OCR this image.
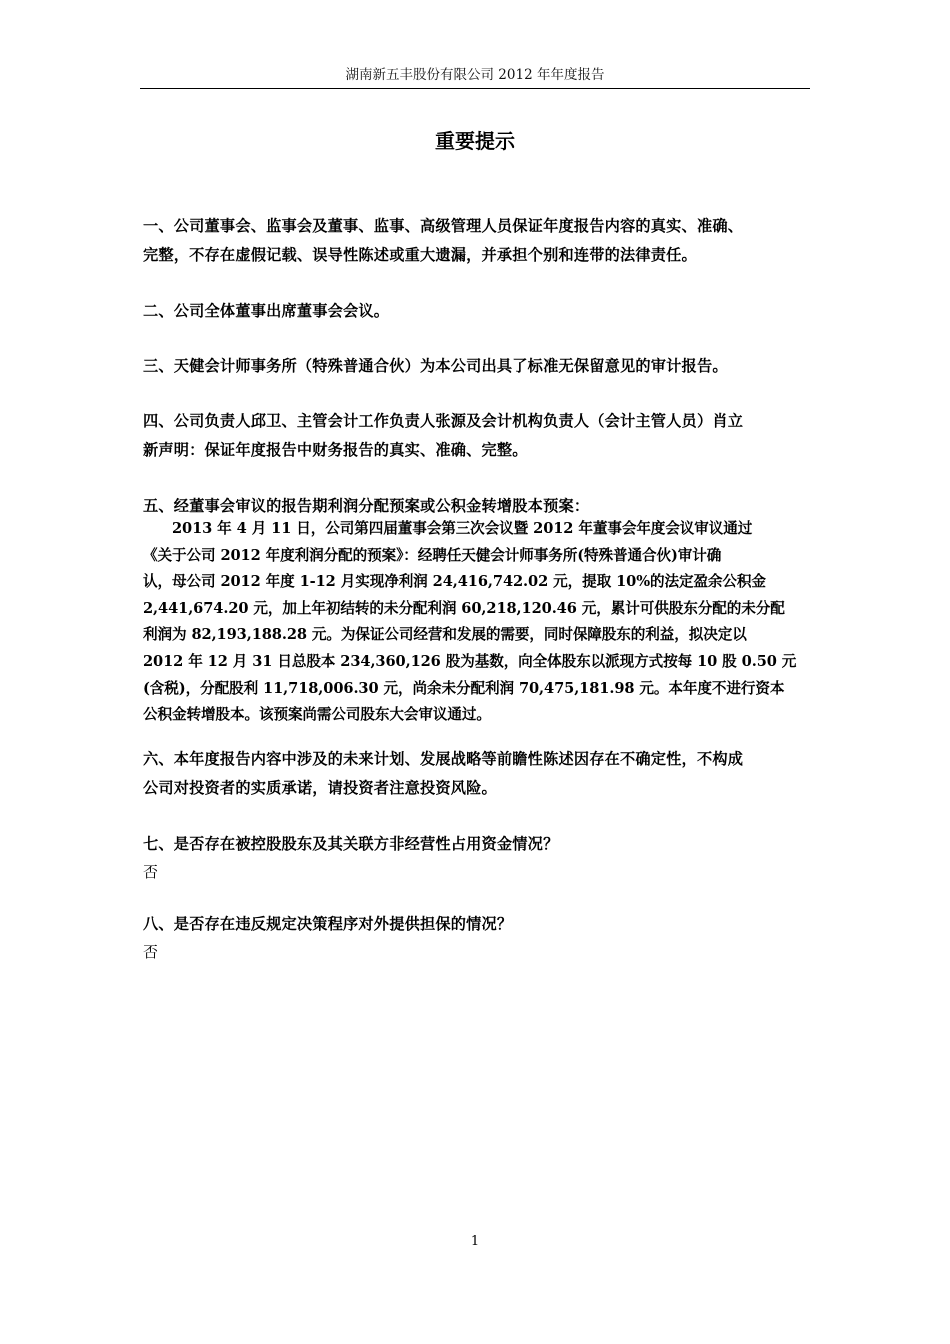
湖南新五丰股份有限公司 2012 年年度报告
重要提示
一、公司董事会、监事会及董事、监事、高级管理人员保证年度报告内容的真实、准确、
完整，不存在虚假记载、误导性陈述或重大遗漏，并承担个别和连带的法律责任。
二、公司全体董事出席董事会会议。
三、天健会计师事务所（特殊普通合伙）为本公司出具了标准无保留意见的审计报告。
四、公司负责人邱卫、主管会计工作负责人张源及会计机构负责人（会计主管人员）肖立
新声明：保证年度报告中财务报告的真实、准确、完整。
五、经董事会审议的报告期利润分配预案或公积金转增股本预案：
　　2013 年 4 月 11 日，公司第四届董事会第三次会议暨 2012 年董事会年度会议审议通过
《关于公司 2012 年度利润分配的预案》：经聘任天健会计师事务所(特殊普通合伙)审计确
认，母公司 2012 年度 1-12 月实现净利润 24,416,742.02 元，提取 10%的法定盈余公积金
2,441,674.20 元，加上年初结转的未分配利润 60,218,120.46 元，累计可供股东分配的未分配
利润为 82,193,188.28 元。为保证公司经营和发展的需要，同时保障股东的利益，拟决定以
2012 年 12 月 31 日总股本 234,360,126 股为基数，向全体股东以派现方式按每 10 股 0.50 元
(含税)，分配股利 11,718,006.30 元，尚余未分配利润 70,475,181.98 元。本年度不进行资本
公积金转增股本。该预案尚需公司股东大会审议通过。
六、本年度报告内容中涉及的未来计划、发展战略等前瞻性陈述因存在不确定性，不构成
公司对投资者的实质承诺，请投资者注意投资风险。
七、是否存在被控股股东及其关联方非经营性占用资金情况？
否
八、是否存在违反规定决策程序对外提供担保的情况？
否
1
